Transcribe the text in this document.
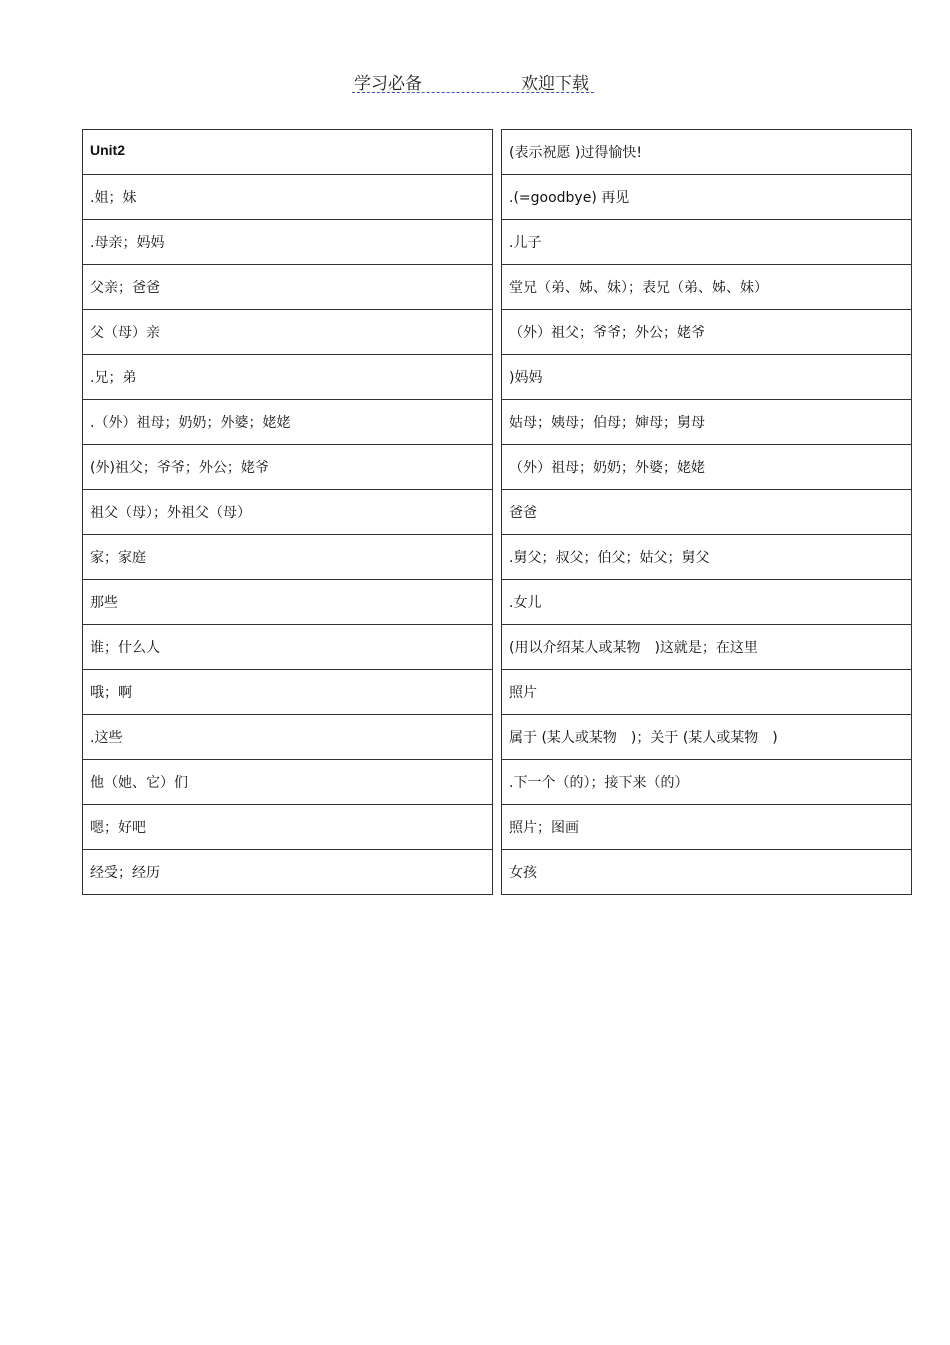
学习必备	欢迎下载
Unit2
.姐；妹
.母亲；妈妈
父亲；爸爸
父（母）亲
.兄；弟
.（外）祖母；奶奶；外婆；姥姥
(外)祖父；爷爷；外公；姥爷
祖父（母）；外祖父（母）
家；家庭
那些
谁；什么人
哦；啊
.这些
他（她、它）们
嗯；好吧
经受；经历
(表示祝愿 )过得愉快!
.(=goodbye) 再见
.儿子
堂兄（弟、姊、妹）；表兄（弟、姊、妹）
（外）祖父；爷爷；外公；姥爷
)妈妈
姑母；姨母；伯母；婶母；舅母
（外）祖母；奶奶；外婆；姥姥
爸爸
.舅父；叔父；伯父；姑父；舅父
.女儿
(用以介绍某人或某物　)这就是；在这里
照片
属于 (某人或某物　)；关于 (某人或某物　)
.下一个（的）；接下来（的）
照片；图画
女孩
